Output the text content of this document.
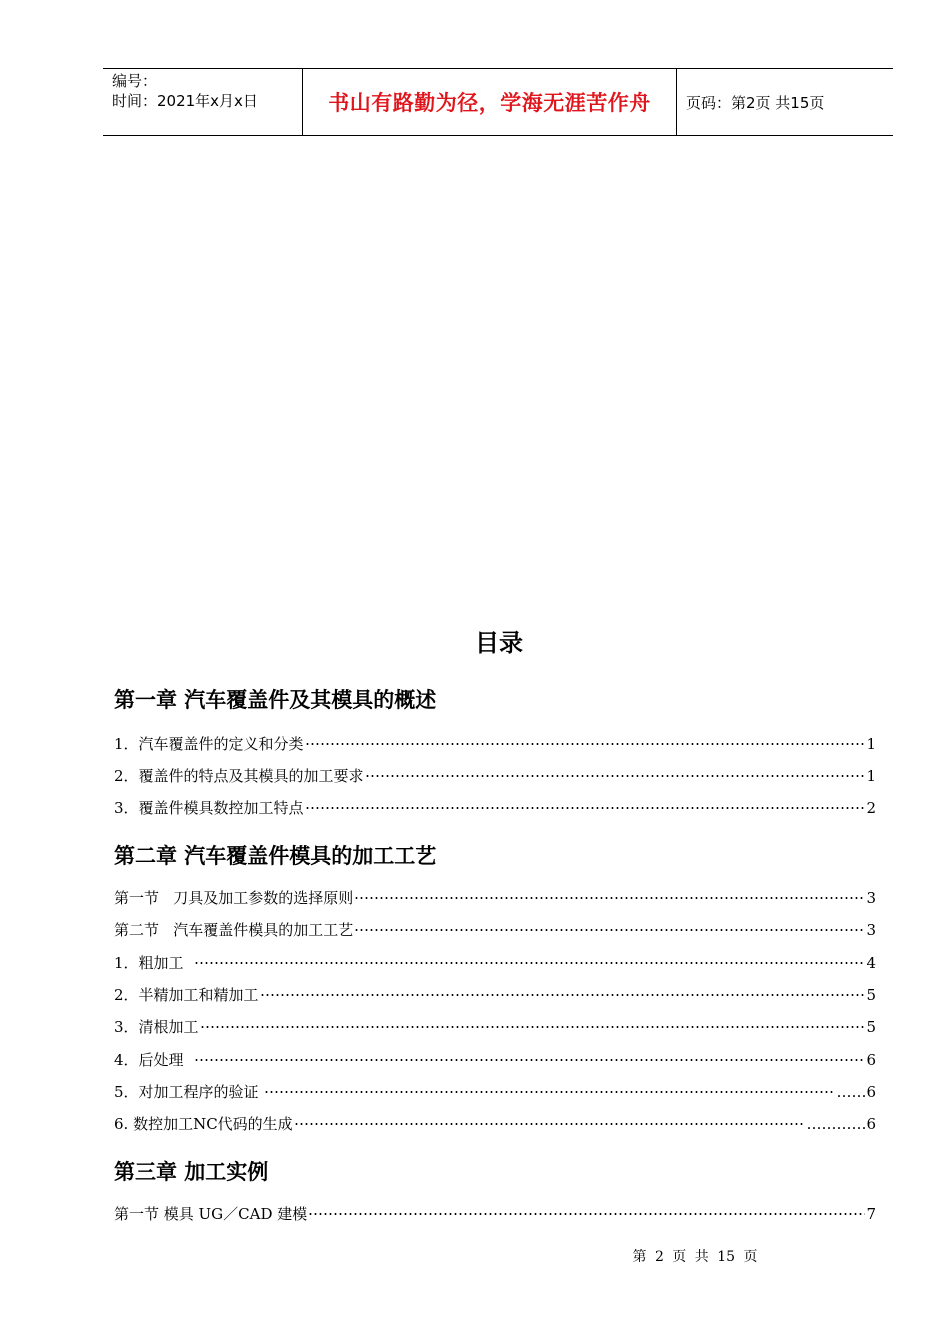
编号：
时间：2021年x月x日	书山有路勤为径，学海无涯苦作舟	页码：第2页 共15页
目录
第一章 汽车覆盖件及其模具的概述
1．汽车覆盖件的定义和分类	1
2．覆盖件的特点及其模具的加工要求	1
3．覆盖件模具数控加工特点	2
第二章 汽车覆盖件模具的加工工艺
第一节   刀具及加工参数的选择原则	3
第二节   汽车覆盖件模具的加工工艺	3
1．粗加工	4
2．半精加工和精加工	5
3．清根加工	5
4．后处理	6
5．对加工程序的验证	……6
6. 数控加工NC代码的生成	…………6
第三章 加工实例
第一节 模具 UG／CAD 建模	7
第 2 页 共 15 页
